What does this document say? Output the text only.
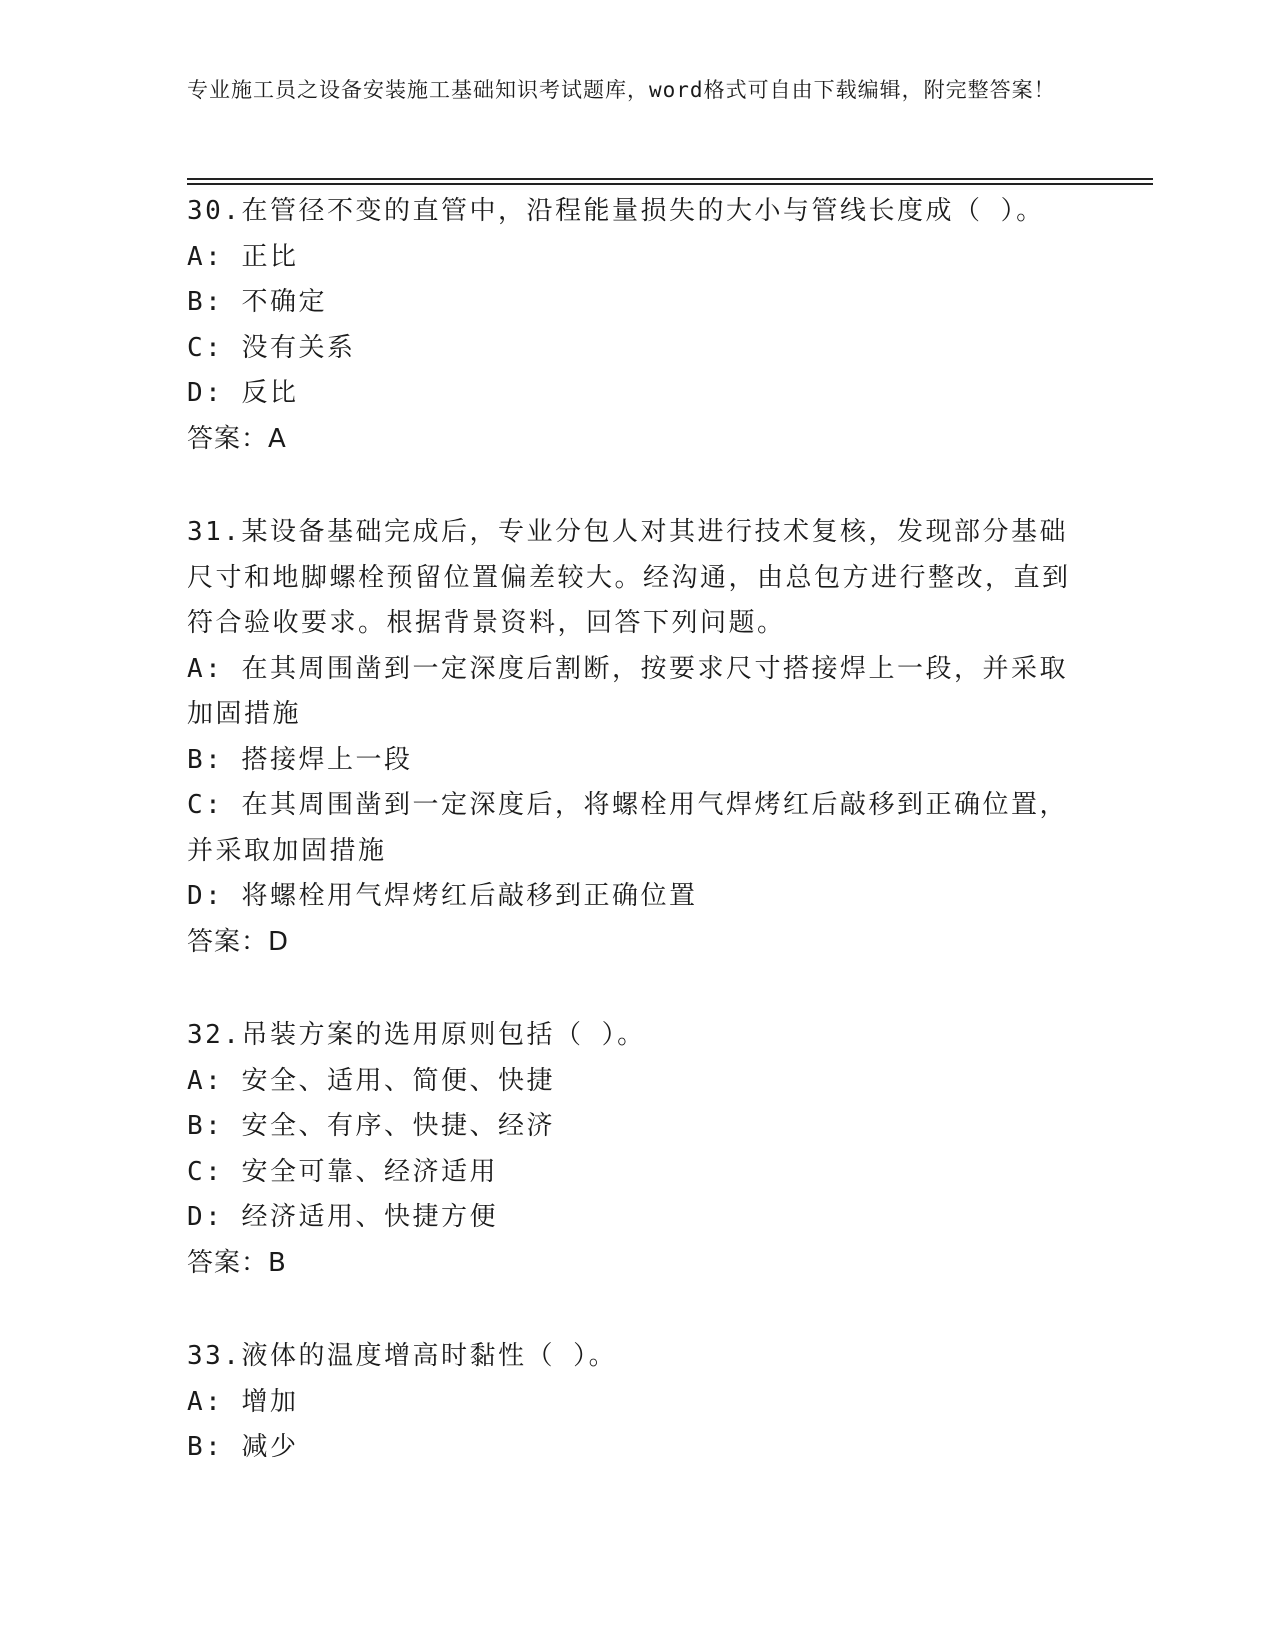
专业施工员之设备安装施工基础知识考试题库，word格式可自由下载编辑，附完整答案！
30.在管径不变的直管中，沿程能量损失的大小与管线长度成（ ）。
A: 正比
B: 不确定
C: 没有关系
D: 反比
答案：A
31.某设备基础完成后，专业分包人对其进行技术复核，发现部分基础尺寸和地脚螺栓预留位置偏差较大。经沟通，由总包方进行整改，直到符合验收要求。根据背景资料，回答下列问题。
A: 在其周围凿到一定深度后割断，按要求尺寸搭接焊上一段，并采取加固措施
B: 搭接焊上一段
C: 在其周围凿到一定深度后，将螺栓用气焊烤红后敲移到正确位置，并采取加固措施
D: 将螺栓用气焊烤红后敲移到正确位置
答案：D
32.吊装方案的选用原则包括（ ）。
A: 安全、适用、简便、快捷
B: 安全、有序、快捷、经济
C: 安全可靠、经济适用
D: 经济适用、快捷方便
答案：B
33.液体的温度增高时黏性（ ）。
A: 增加
B: 减少
